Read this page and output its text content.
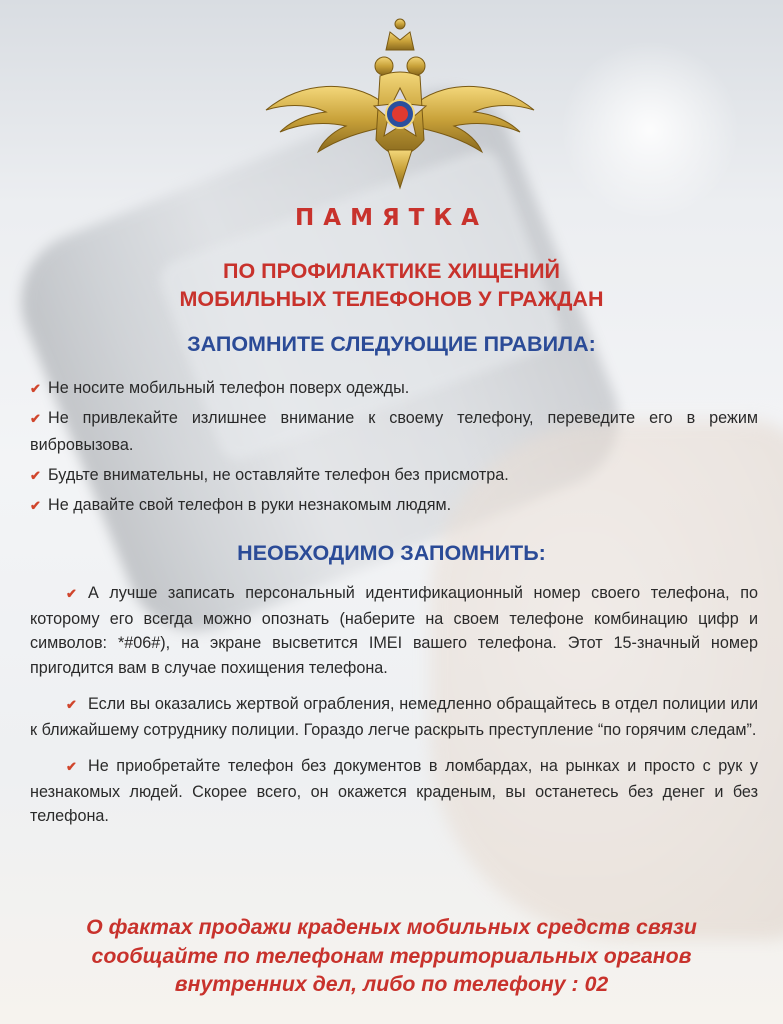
ПАМЯТКА
ПО ПРОФИЛАКТИКЕ ХИЩЕНИЙ
МОБИЛЬНЫХ ТЕЛЕФОНОВ У ГРАЖДАН
ЗАПОМНИТЕ СЛЕДУЮЩИЕ ПРАВИЛА:
✔ Не носите мобильный телефон поверх одежды.
✔ Не привлекайте излишнее внимание к своему телефону, переведите его в режим вибровызова.
✔ Будьте внимательны, не оставляйте телефон без присмотра.
✔ Не давайте свой телефон в руки незнакомым людям.
НЕОБХОДИМО ЗАПОМНИТЬ:
✔ А лучше записать персональный идентификационный номер своего телефона, по которому его всегда можно опознать (наберите на своем телефоне комбинацию цифр и символов: *#06#), на экране высветится IMEI вашего телефона. Этот 15-значный номер пригодится вам в случае похищения телефона.
✔ Если вы оказались жертвой ограбления, немедленно обращайтесь в отдел полиции или к ближайшему сотруднику полиции. Гораздо легче раскрыть преступление “по горячим следам”.
✔ Не приобретайте телефон без документов в ломбардах, на рынках и просто с рук у незнакомых людей. Скорее всего, он окажется краденым, вы останетесь без денег и без телефона.
О фактах продажи краденых мобильных средств связи
сообщайте по телефонам территориальных органов
внутренних дел, либо по телефону : 02
